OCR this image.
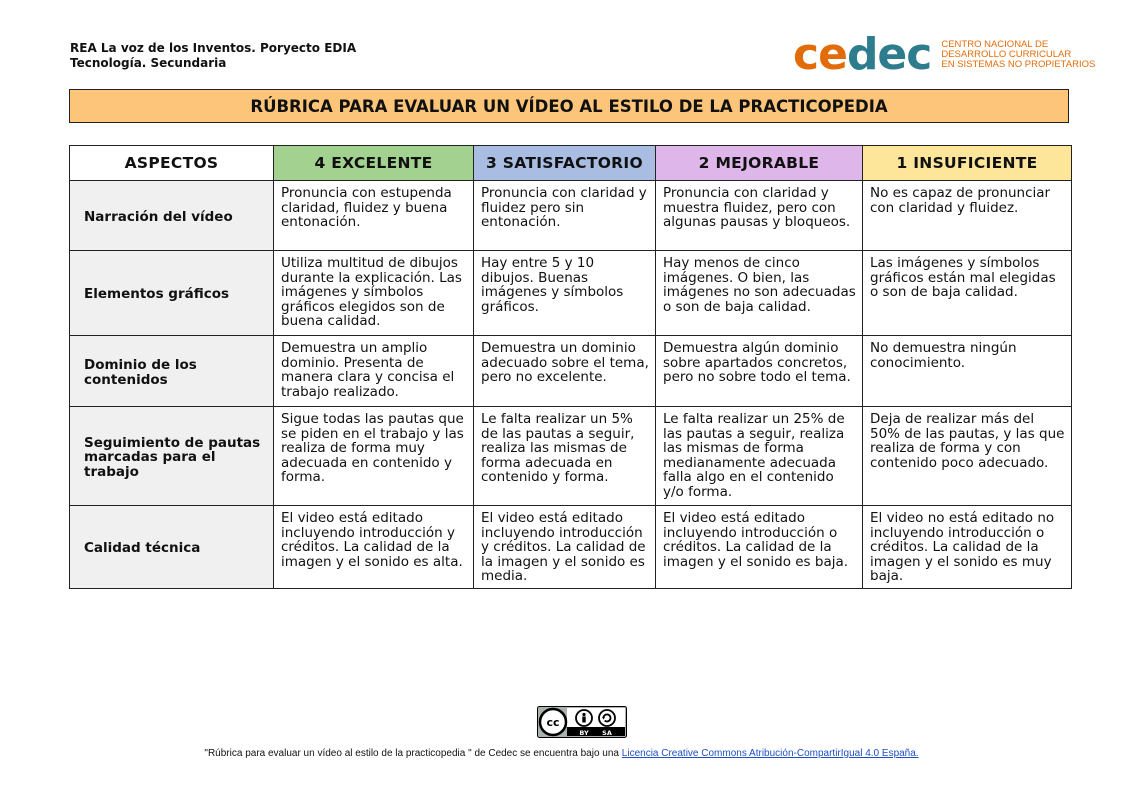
REA La voz de los Inventos. Poryecto EDIA
Tecnología. Secundaria	cedec CENTRO NACIONAL DE
DESARROLLO CURRICULAR
EN SISTEMAS NO PROPIETARIOS
RÚBRICA PARA EVALUAR UN VÍDEO AL ESTILO DE LA PRACTICOPEDIA
ASPECTOS	4 EXCELENTE	3 SATISFACTORIO	2 MEJORABLE	1 INSUFICIENTE
Narración del vídeo	Pronuncia con estupenda claridad, fluidez y buena entonación.	Pronuncia con claridad y fluidez pero sin entonación.	Pronuncia con claridad y muestra fluidez, pero con algunas pausas y bloqueos.	No es capaz de pronunciar con claridad y fluidez.
Elementos gráficos	Utiliza multitud de dibujos durante la explicación. Las imágenes y símbolos gráficos elegidos son de buena calidad.	Hay entre 5 y 10 dibujos. Buenas imágenes y símbolos gráficos.	Hay menos de cinco imágenes. O bien, las imágenes no son adecuadas o son de baja calidad.	Las imágenes y símbolos gráficos están mal elegidas o son de baja calidad.
Dominio de los contenidos	Demuestra un amplio dominio. Presenta de manera clara y concisa el trabajo realizado.	Demuestra un dominio adecuado sobre el tema, pero no excelente.	Demuestra algún dominio sobre apartados concretos, pero no sobre todo el tema.	No demuestra ningún conocimiento.
Seguimiento de pautas marcadas para el trabajo	Sigue todas las pautas que se piden en el trabajo y las realiza de forma muy adecuada en contenido y forma.	Le falta realizar un 5% de las pautas a seguir, realiza las mismas de forma adecuada en contenido y forma.	Le falta realizar un 25% de las pautas a seguir, realiza las mismas de forma medianamente adecuada falla algo en el contenido y/o forma.	Deja de realizar más del 50% de las pautas, y las que realiza de forma y con contenido poco adecuado.
Calidad técnica	El video está editado incluyendo introducción y créditos. La calidad de la imagen y el sonido es alta.	El video está editado incluyendo introducción y créditos. La calidad de la imagen y el sonido es media.	El video está editado incluyendo introducción o créditos. La calidad de la imagen y el sonido es baja.	El video no está editado no incluyendo introducción o créditos. La calidad de la imagen y el sonido es muy baja.
cc
BY SA
"Rúbrica para evaluar un vídeo al estilo de la practicopedia " de Cedec se encuentra bajo una Licencia Creative Commons Atribución-CompartirIgual 4.0 España.
